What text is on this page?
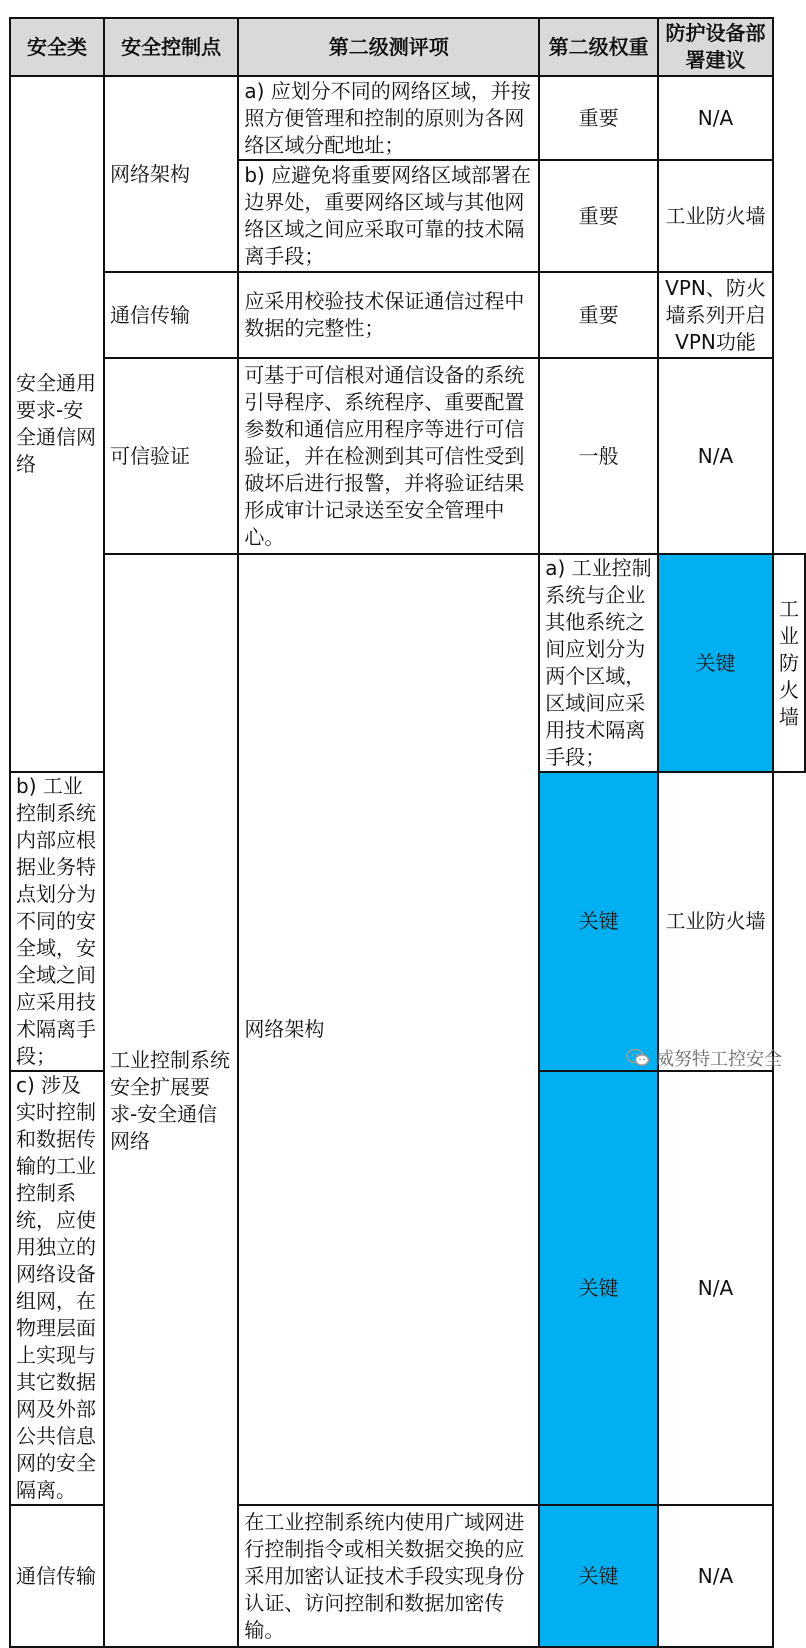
安全类	安全控制点	第二级测评项	第二级权重	防护设备部署建议	
安全通用要求-安全通信网络	网络架构	a) 应划分不同的网络区域，并按照方便管理和控制的原则为各网络区域分配地址；	重要	N/A	
		b) 应避免将重要网络区域部署在边界处，重要网络区域与其他网络区域之间应采取可靠的技术隔离手段；	重要	工业防火墙	
	通信传输	应采用校验技术保证通信过程中数据的完整性；	重要	VPN、防火墙系列开启VPN功能	
	可信验证	可基于可信根对通信设备的系统引导程序、系统程序、重要配置参数和通信应用程序等进行可信验证，并在检测到其可信性受到破坏后进行报警，并将验证结果形成审计记录送至安全管理中心。	一般	N/A	
	工业控制系统安全扩展要求-安全通信网络	网络架构	a) 工业控制系统与企业其他系统之间应划分为两个区域，区域间应采用技术隔离手段；	关键	工业防火墙
b) 工业控制系统内部应根据业务特点划分为不同的安全域，安全域之间应采用技术隔离手段；			关键	工业防火墙	
c) 涉及实时控制和数据传输的工业控制系统，应使用独立的网络设备组网，在物理层面上实现与其它数据网及外部公共信息网的安全隔离。			关键	N/A	
通信传输		在工业控制系统内使用广域网进行控制指令或相关数据交换的应采用加密认证技术手段实现身份认证、访问控制和数据加密传输。	关键	N/A	
威努特工控安全
